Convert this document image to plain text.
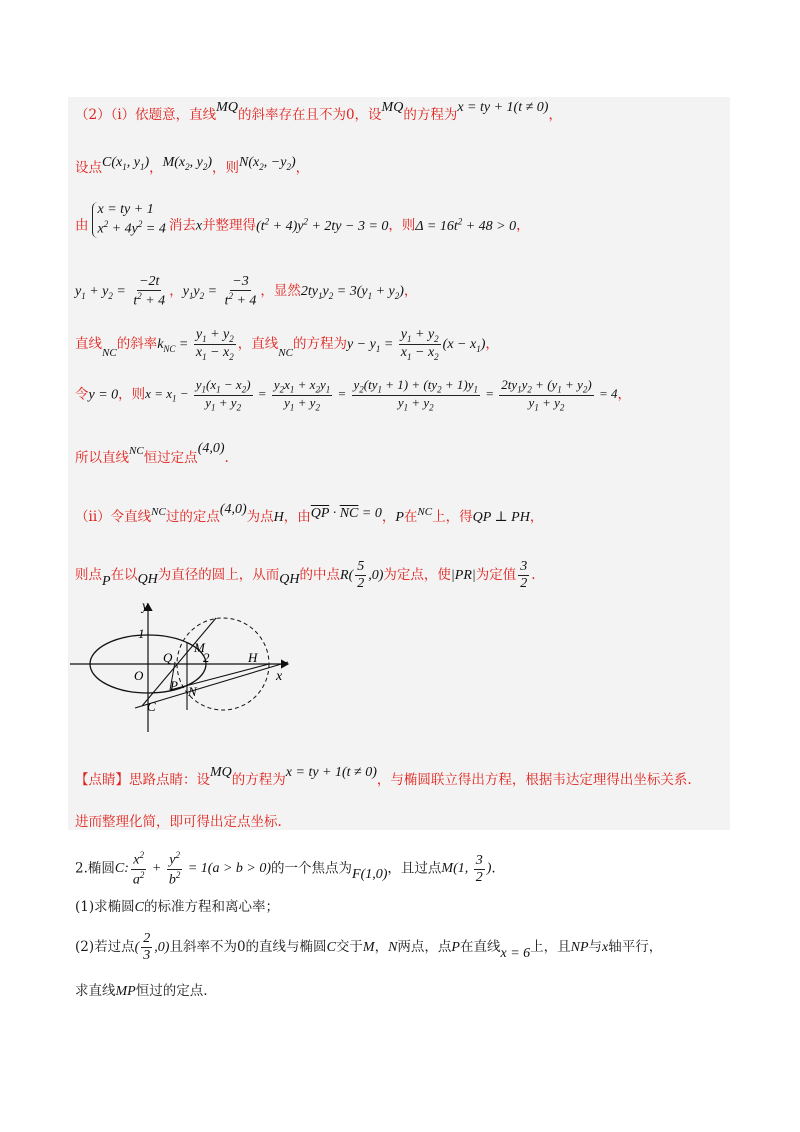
（2）（i）依题意，直线MQ的斜率存在且不为0，设MQ的方程为x = ty + 1(t ≠ 0)，
设点$C(x_1$, $y_1$)，$M(x_2$, $y_2$)，则$N(x_2$, $-y_2$)，
由
x = ty + 1
$x^2 + 4y^2 = 4$ 消去x并整理得$(t^2 + 4)y^2 + 2ty - 3 = 0$，则$\Delta = 16t^2 + 48 > 0$，
$y_1 + y_2 = \frac{-2t}{t^2 + 4}$ ，$y_1y_2 = \frac{-3}{t^2 + 4}$ ，显然$2ty_1y_2 = 3(y_1 + y_2)$，
直线$_{NC}$的斜率$k_{NC} = \frac{y_1 + y_2}{x_1 - x_2}$ ，直线$_{NC}$的方程为$y - y_1 = \frac{y_1 + y_2}{x_1 - x_2} (x - x_1)$，
令y = 0，则$x = x_1 - \frac{y_1(x_1 - x_2)}{y_1 + y_2} = \frac{y_2x_1 + x_2y_1}{y_1 + y_2} = \frac{y_2(ty_1 + 1) + (ty_2 + 1)y_1}{y_1 + y_2} = \frac{2ty_1y_2 + (y_1 + y_2)}{y_1 + y_2} = 4$，
所以直线$^{NC}$恒过定点(4,0).
（ii）令直线$^{NC}$过的定点(4,0)为点H，由$\overline{QP} \cdot \overline{NC} = 0$，P在$^{NC}$上，得QP ⊥ PH，
则点P在以QH为直径的圆上，从而QH的中点$R( \frac{5}{2} ,0)$为定点，使|PR|为定值 $\frac{3}{2}$ .
y
x
1
2
O
Q
M
H
P N
C
【点睛】思路点睛：设MQ的方程为x = ty + 1(t ≠ 0)，与椭圆联立得出方程，根据韦达定理得出坐标关系.
进而整理化简，即可得出定点坐标.
2.椭圆C: $\frac{x^2}{a^2} + \frac{y^2}{b^2} = 1(a > b > 0)$的一个焦点为F(1,0)，且过点M(1, $\frac{3}{2}$ ).
(1)求椭圆C的标准方程和离心率；
(2)若过点( $\frac{2}{3} ,0$)且斜率不为0的直线与椭圆C交于M，N两点，点P在直线x = 6上，且NP与x轴平行，
求直线MP恒过的定点.
